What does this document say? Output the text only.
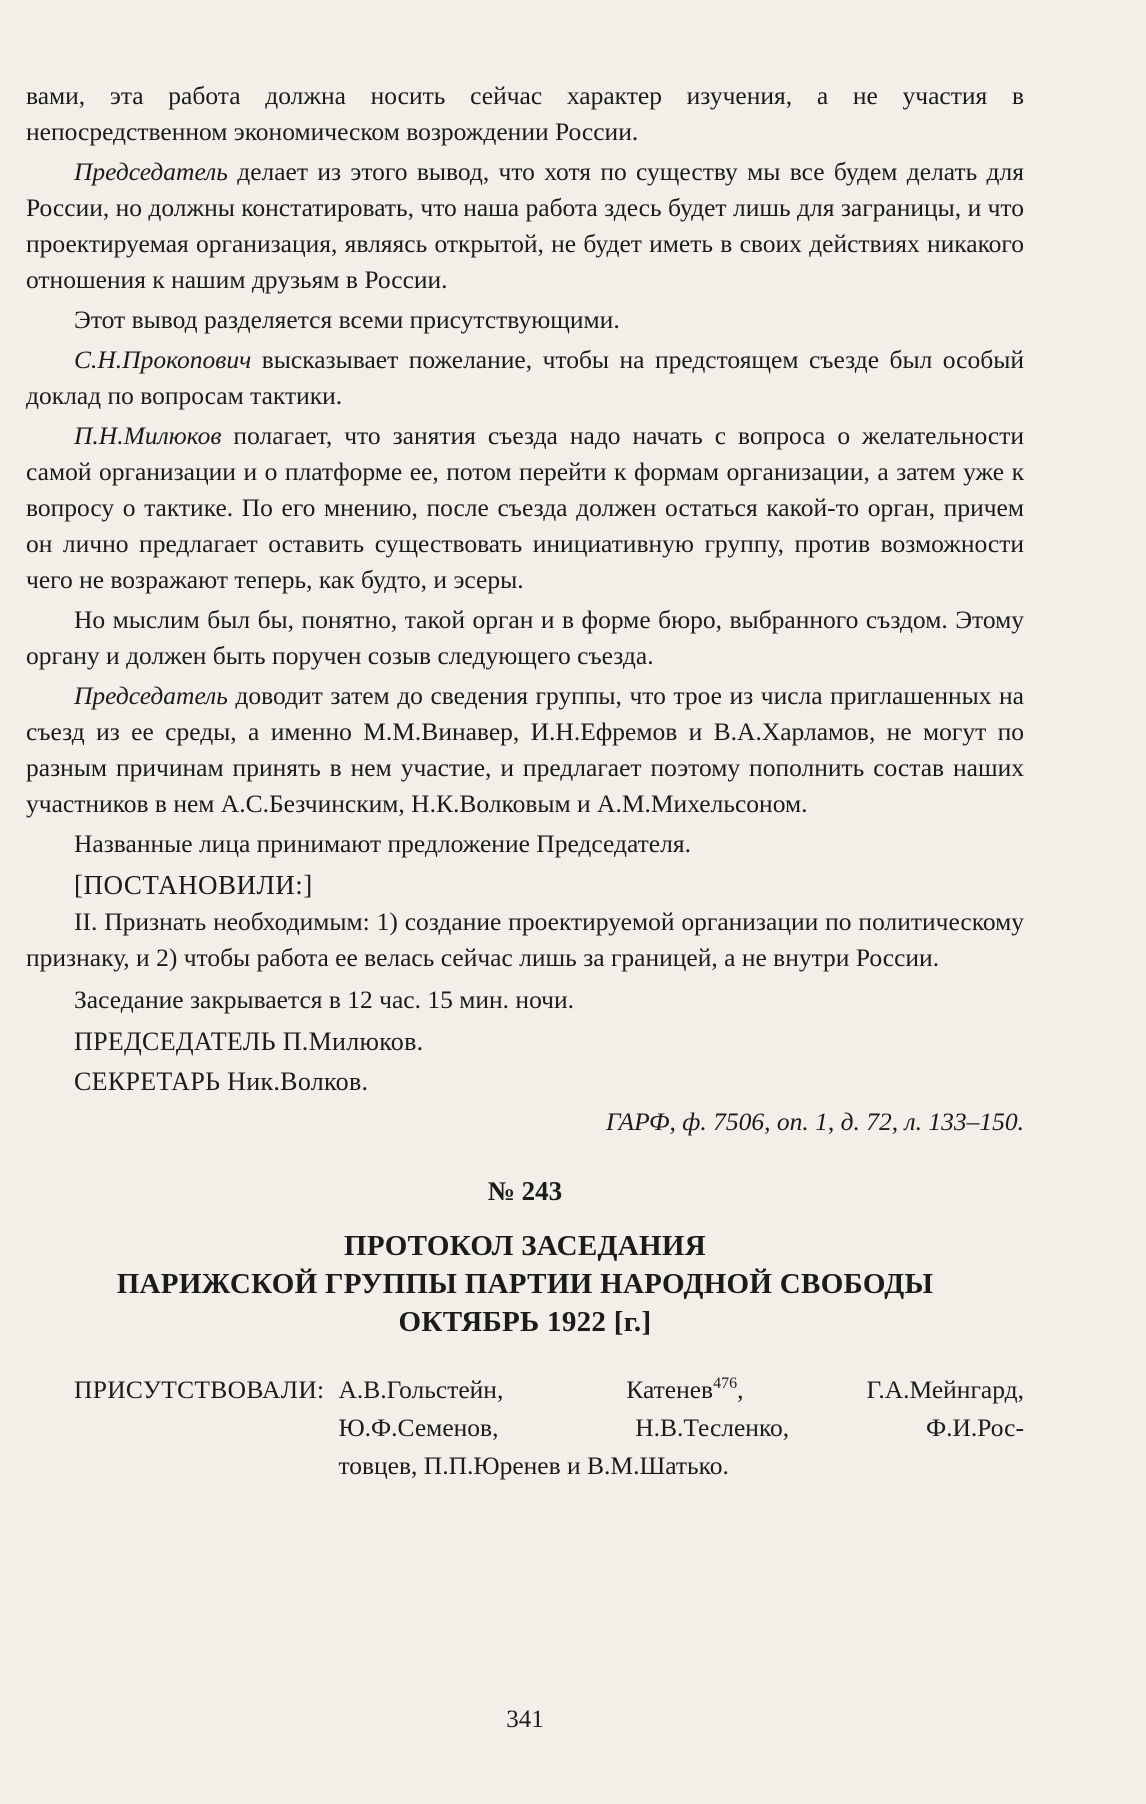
вами, эта работа должна носить сейчас характер изучения, а не участия в непосредственном экономическом возрождении России.

Председатель делает из этого вывод, что хотя по существу мы все будем делать для России, но должны констатировать, что наша работа здесь будет лишь для заграницы, и что проектируемая организация, являясь открытой, не будет иметь в своих действиях никакого отношения к нашим друзьям в России.

Этот вывод разделяется всеми присутствующими.

С.Н.Прокопович высказывает пожелание, чтобы на предстоящем съезде был особый доклад по вопросам тактики.

П.Н.Милюков полагает, что занятия съезда надо начать с вопроса о желательности самой организации и о платформе ее, потом перейти к формам организации, а затем уже к вопросу о тактике. По его мнению, после съезда должен остаться какой-то орган, причем он лично предлагает оставить существовать инициативную группу, против возможности чего не возражают теперь, как будто, и эсеры.

Но мыслим был бы, понятно, такой орган и в форме бюро, выбранного създом. Этому органу и должен быть поручен созыв следующего съезда.

Председатель доводит затем до сведения группы, что трое из числа приглашенных на съезд из ее среды, а именно М.М.Винавер, И.Н.Ефремов и В.А.Харламов, не могут по разным причинам принять в нем участие, и предлагает поэтому пополнить состав наших участников в нем А.С.Безчинским, Н.К.Волковым и А.М.Михельсоном.

Названные лица принимают предложение Председателя.

[ПОСТАНОВИЛИ:]

II. Признать необходимым: 1) создание проектируемой организации по политическому признаку, и 2) чтобы работа ее велась сейчас лишь за границей, а не внутри России.

Заседание закрывается в 12 час. 15 мин. ночи.

ПРЕДСЕДАТЕЛЬ П.Милюков.

СЕКРЕТАРЬ Ник.Волков.

ГАРФ, ф. 7506, оп. 1, д. 72, л. 133–150.

№ 243

ПРОТОКОЛ ЗАСЕДАНИЯ

ПАРИЖСКОЙ ГРУППЫ ПАРТИИ НАРОДНОЙ СВОБОДЫ

ОКТЯБРЬ 1922 [г.]

ПРИСУТСТВОВАЛИ: А.В.Гольстейн, Катенев$^{476}$, Г.А.Мейнгард,
Ю.Ф.Семенов, Н.В.Тесленко, Ф.И.Рос-
товцев, П.П.Юренев и В.М.Шатько.
341
